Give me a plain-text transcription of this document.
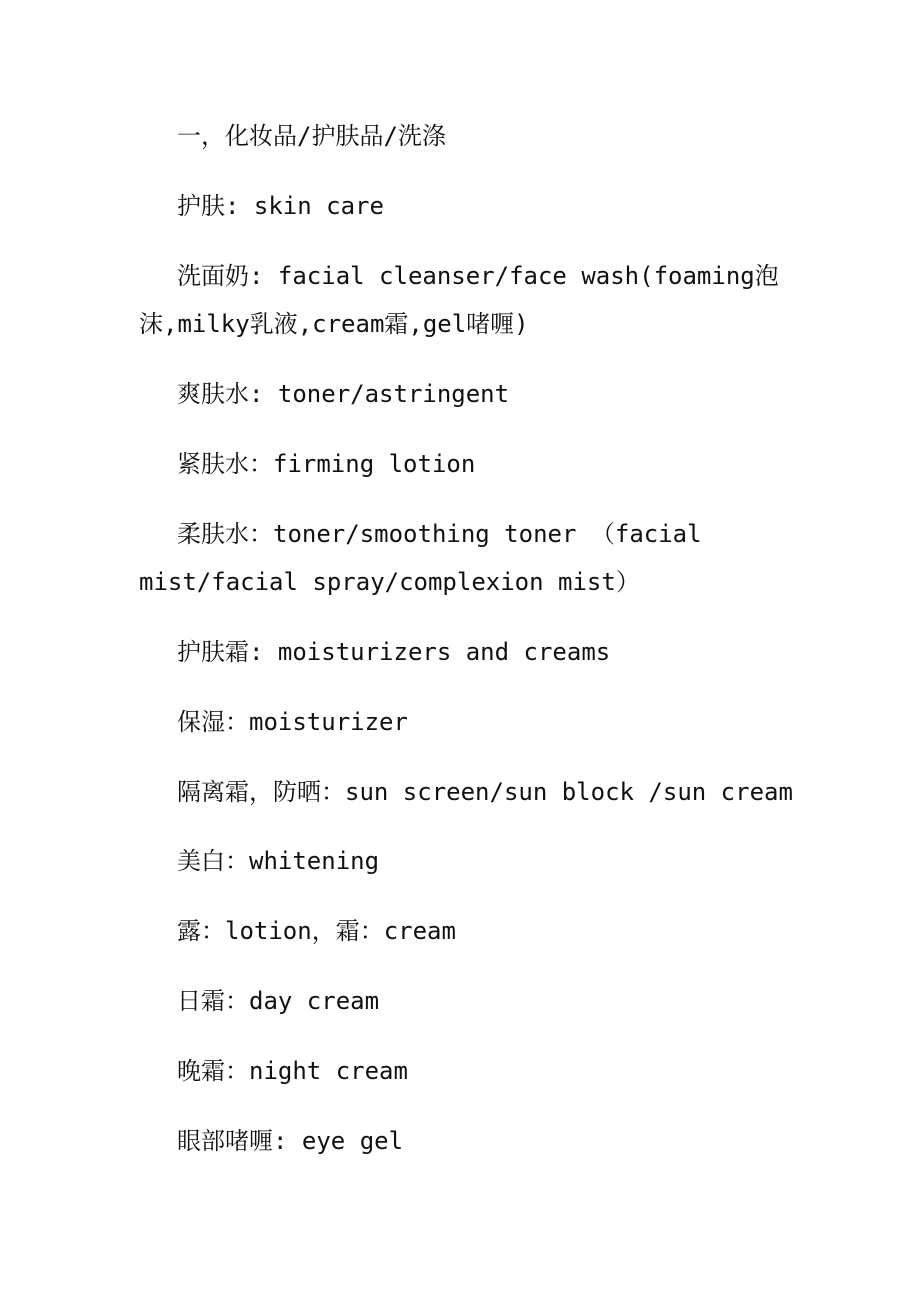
一，化妆品/护肤品/洗涤

护肤: skin care

洗面奶: facial cleanser/face wash(foaming泡沫,milky乳液,cream霜,gel啫喱)

爽肤水: toner/astringent

紧肤水：firming lotion

柔肤水：toner/smoothing toner （facial mist/facial spray/complexion mist）

护肤霜: moisturizers and creams

保湿：moisturizer

隔离霜，防晒：sun screen/sun block /sun cream

美白：whitening

露：lotion，霜：cream

日霜：day cream

晚霜：night cream

眼部啫喱: eye gel
